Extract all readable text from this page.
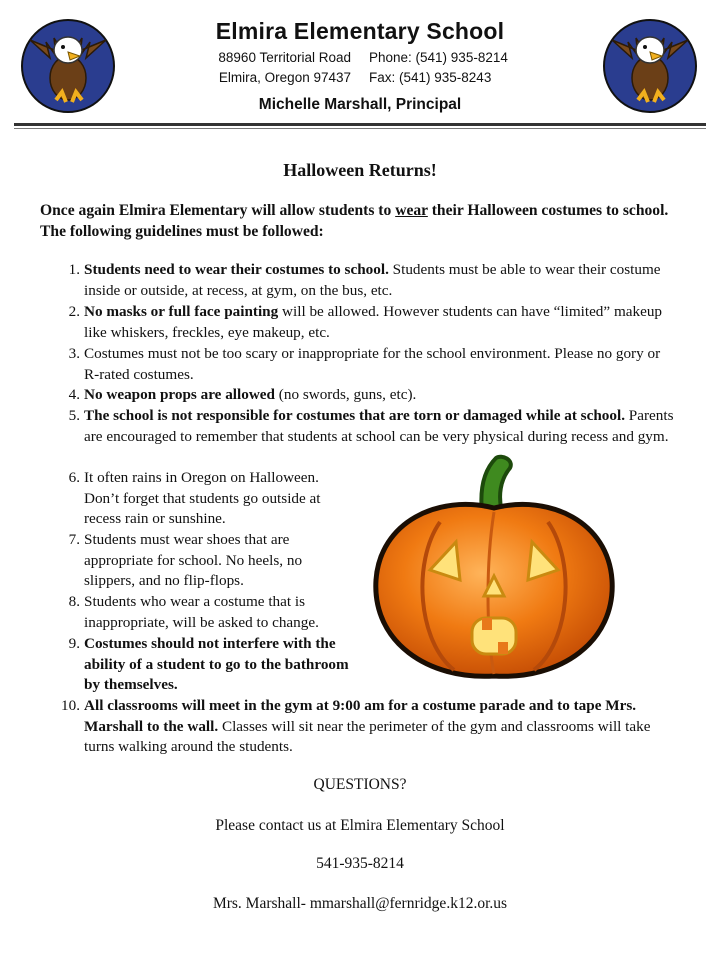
Elmira Elementary School
88960 Territorial Road Phone: (541) 935-8214
Elmira, Oregon 97437 Fax: (541) 935-8243
Michelle Marshall, Principal
Halloween Returns!
Once again Elmira Elementary will allow students to wear their Halloween costumes to school. The following guidelines must be followed:
1. Students need to wear their costumes to school. Students must be able to wear their costume inside or outside, at recess, at gym, on the bus, etc.
2. No masks or full face painting will be allowed. However students can have “limited” makeup like whiskers, freckles, eye makeup, etc.
3. Costumes must not be too scary or inappropriate for the school environment. Please no gory or R-rated costumes.
4. No weapon props are allowed (no swords, guns, etc).
5. The school is not responsible for costumes that are torn or damaged while at school. Parents are encouraged to remember that students at school can be very physical during recess and gym.
6. It often rains in Oregon on Halloween. Don’t forget that students go outside at recess rain or sunshine.
7. Students must wear shoes that are appropriate for school. No heels, no slippers, and no flip-flops.
8. Students who wear a costume that is inappropriate, will be asked to change.
9. Costumes should not interfere with the ability of a student to go to the bathroom by themselves.
10. All classrooms will meet in the gym at 9:00 am for a costume parade and to tape Mrs. Marshall to the wall. Classes will sit near the perimeter of the gym and classrooms will take turns walking around the students.
QUESTIONS?
Please contact us at Elmira Elementary School
541-935-8214
Mrs. Marshall- mmarshall@fernridge.k12.or.us
